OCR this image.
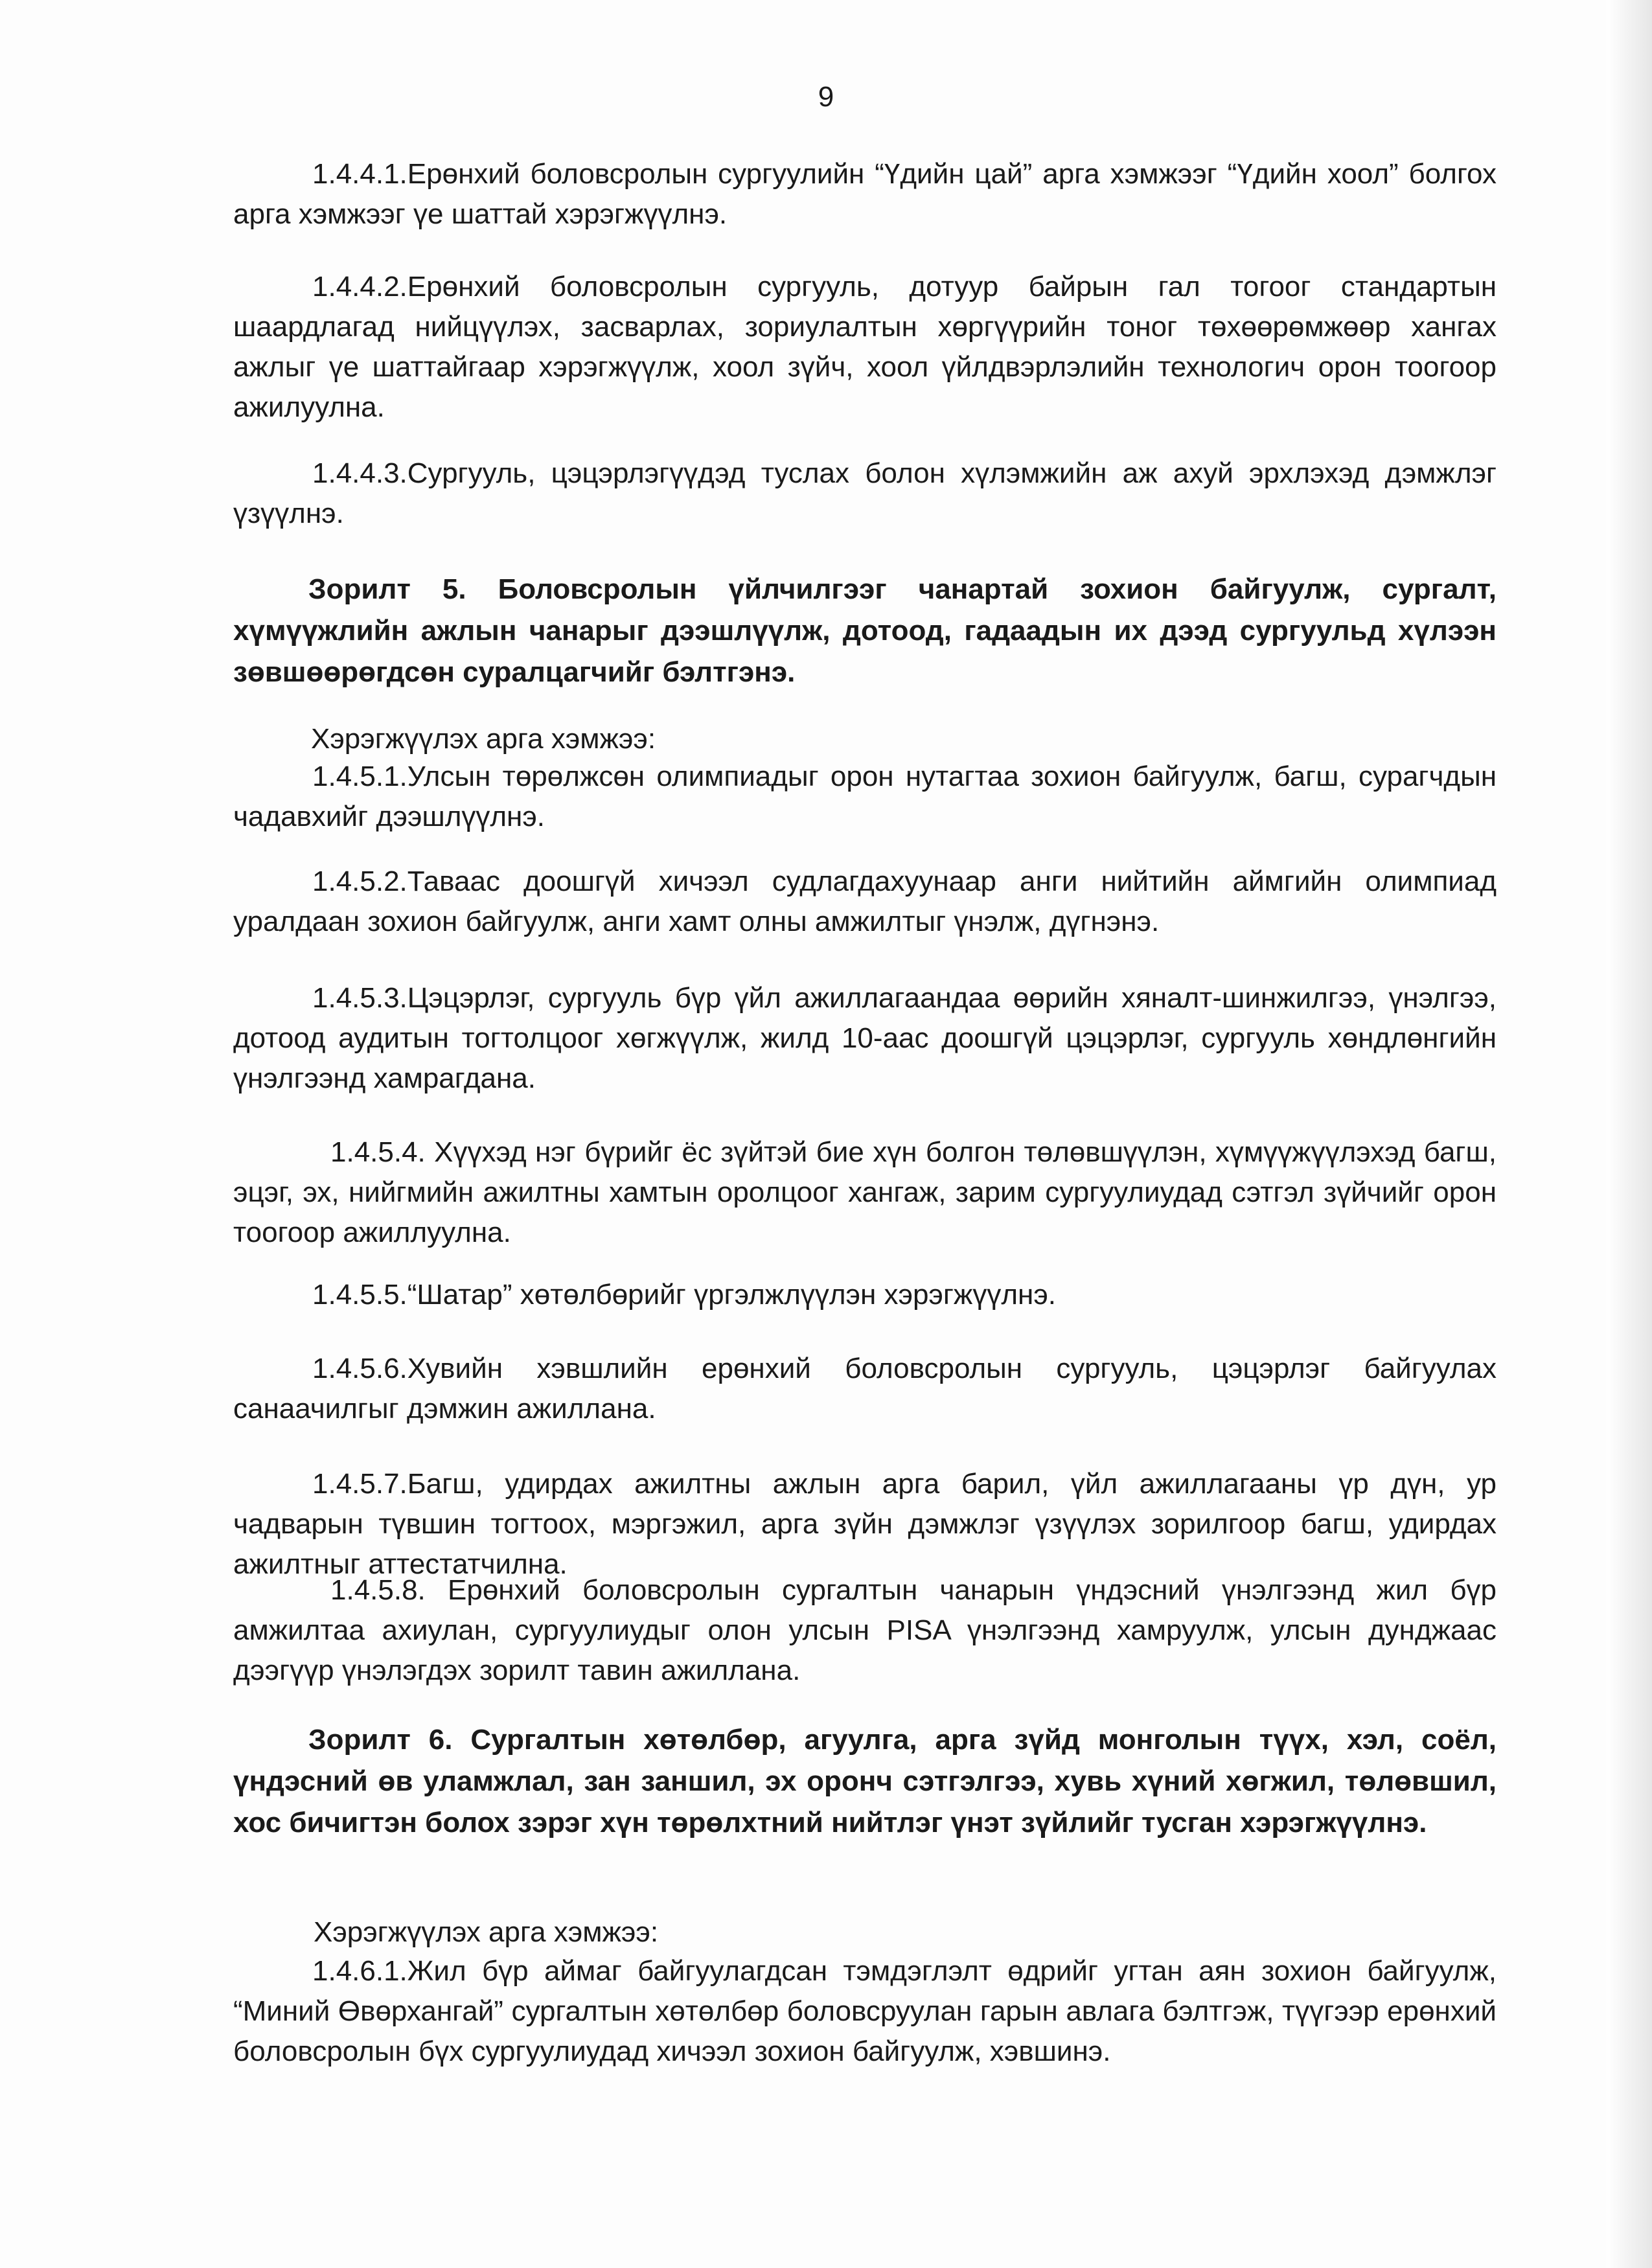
9
1.4.4.1.Ерөнхий боловсролын сургуулийн “Үдийн цай” арга хэмжээг “Үдийн хоол” болгох арга хэмжээг үе шаттай хэрэгжүүлнэ.
1.4.4.2.Ерөнхий боловсролын сургууль, дотуур байрын гал тогоог стандартын шаардлагад нийцүүлэх, засварлах, зориулалтын хөргүүрийн тоног төхөөрөмжөөр хангах ажлыг үе шаттайгаар хэрэгжүүлж, хоол зүйч, хоол үйлдвэрлэлийн технологич орон тоогоор ажилуулна.
1.4.4.3.Сургууль, цэцэрлэгүүдэд туслах болон хүлэмжийн аж ахуй эрхлэхэд дэмжлэг үзүүлнэ.
Зорилт 5. Боловсролын үйлчилгээг чанартай зохион байгуулж, сургалт, хүмүүжлийн ажлын чанарыг дээшлүүлж, дотоод, гадаадын их дээд сургуульд хүлээн зөвшөөрөгдсөн суралцагчийг бэлтгэнэ.
Хэрэгжүүлэх арга хэмжээ:
1.4.5.1.Улсын төрөлжсөн олимпиадыг орон нутагтаа зохион байгуулж, багш, сурагчдын чадавхийг дээшлүүлнэ.
1.4.5.2.Таваас доошгүй хичээл судлагдахуунаар анги нийтийн аймгийн олимпиад уралдаан зохион байгуулж, анги хамт олны амжилтыг үнэлж, дүгнэнэ.
1.4.5.3.Цэцэрлэг, сургууль бүр үйл ажиллагаандаа өөрийн хяналт-шинжилгээ, үнэлгээ, дотоод аудитын тогтолцоог хөгжүүлж, жилд 10-аас доошгүй цэцэрлэг, сургууль хөндлөнгийн үнэлгээнд хамрагдана.
1.4.5.4. Хүүхэд нэг бүрийг ёс зүйтэй бие хүн болгон төлөвшүүлэн, хүмүүжүүлэхэд багш, эцэг, эх, нийгмийн ажилтны хамтын оролцоог хангаж, зарим сургуулиудад сэтгэл зүйчийг орон тоогоор ажиллуулна.
1.4.5.5.“Шатар” хөтөлбөрийг үргэлжлүүлэн хэрэгжүүлнэ.
1.4.5.6.Хувийн хэвшлийн ерөнхий боловсролын сургууль, цэцэрлэг байгуулах санаачилгыг дэмжин ажиллана.
1.4.5.7.Багш, удирдах ажилтны ажлын арга барил, үйл ажиллагааны үр дүн, ур чадварын түвшин тогтоох, мэргэжил, арга зүйн дэмжлэг үзүүлэх зорилгоор багш, удирдах ажилтныг аттестатчилна.
1.4.5.8. Ерөнхий боловсролын сургалтын чанарын үндэсний үнэлгээнд жил бүр амжилтаа ахиулан, сургуулиудыг олон улсын PISA үнэлгээнд хамруулж, улсын дунджаас дээгүүр үнэлэгдэх зорилт тавин ажиллана.
Зорилт 6. Сургалтын хөтөлбөр, агуулга, арга зүйд монголын түүх, хэл, соёл, үндэсний өв уламжлал, зан заншил, эх оронч сэтгэлгээ, хувь хүний хөгжил, төлөвшил, хос бичигтэн болох зэрэг хүн төрөлхтний нийтлэг үнэт зүйлийг тусган хэрэгжүүлнэ.
Хэрэгжүүлэх арга хэмжээ:
1.4.6.1.Жил бүр аймаг байгуулагдсан тэмдэглэлт өдрийг угтан аян зохион байгуулж, “Миний Өвөрхангай” сургалтын хөтөлбөр боловсруулан гарын авлага бэлтгэж, түүгээр ерөнхий боловсролын бүх сургуулиудад хичээл зохион байгуулж, хэвшинэ.
